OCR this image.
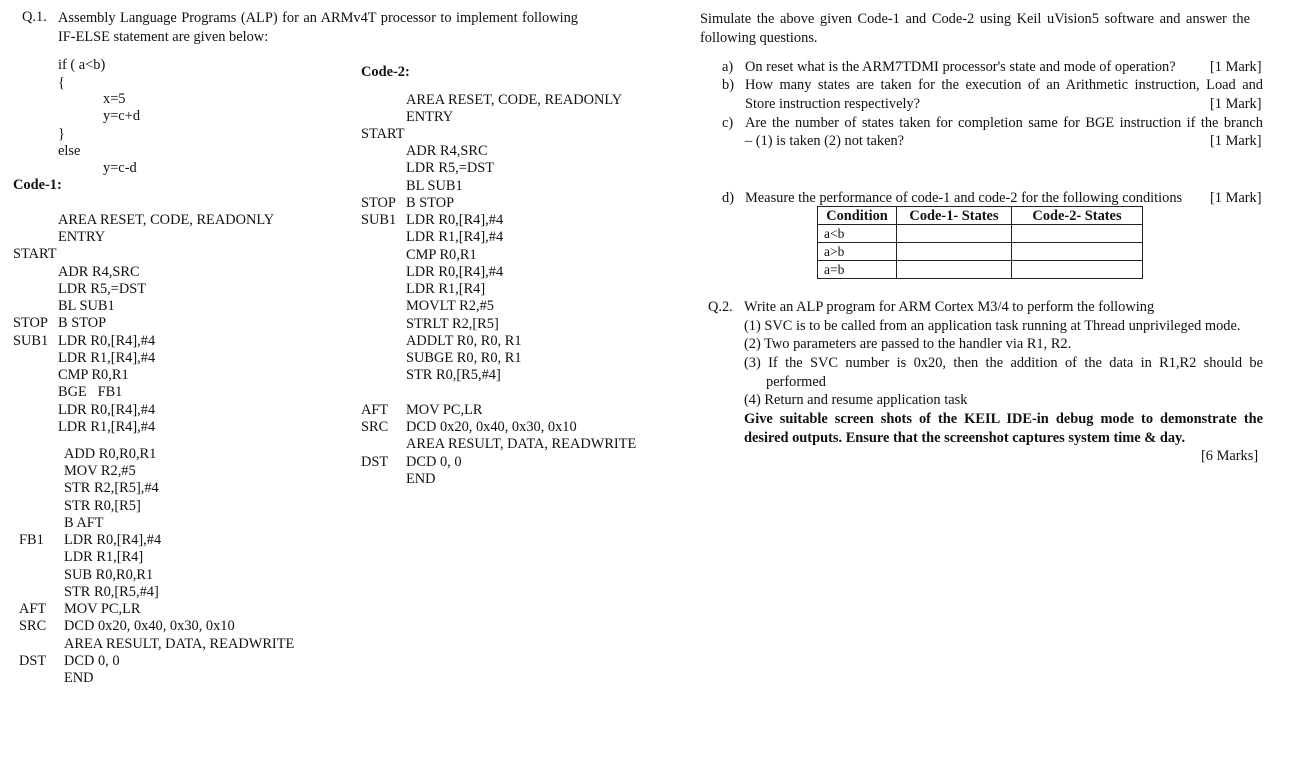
Q.1. Assembly Language Programs (ALP) for an ARMv4T processor to implement following IF-ELSE statement are given below:
if ( a<b)
{
x=5
y=c+d
}
else
y=c-d
Code-1:
AREA RESET, CODE, READONLY
ENTRY
START
ADR R4,SRC
LDR R5,=DST
BL SUB1
STOP B STOP
SUB1 LDR R0,[R4],#4
LDR R1,[R4],#4
CMP R0,R1
BGE   FB1
LDR R0,[R4],#4
LDR R1,[R4],#4
ADD R0,R0,R1
MOV R2,#5
STR R2,[R5],#4
STR R0,[R5]
B AFT
FB1 LDR R0,[R4],#4
LDR R1,[R4]
SUB R0,R0,R1
STR R0,[R5,#4]
AFT MOV PC,LR
SRC DCD 0x20, 0x40, 0x30, 0x10
AREA RESULT, DATA, READWRITE
DST DCD 0, 0
END
Code-2:
AREA RESET, CODE, READONLY
ENTRY
START
ADR R4,SRC
LDR R5,=DST
BL SUB1
STOP B STOP
SUB1 LDR R0,[R4],#4
LDR R1,[R4],#4
CMP R0,R1
LDR R0,[R4],#4
LDR R1,[R4]
MOVLT R2,#5
STRLT R2,[R5]
ADDLT R0, R0, R1
SUBGE R0, R0, R1
STR R0,[R5,#4]
AFT MOV PC,LR
SRC DCD 0x20, 0x40, 0x30, 0x10
AREA RESULT, DATA, READWRITE
DST DCD 0, 0
END
Simulate the above given Code-1 and Code-2 using Keil uVision5 software and answer the following questions.
a) On reset what is the ARM7TDMI processor's state and mode of operation? [1 Mark]
b) How many states are taken for the execution of an Arithmetic instruction, Load and
Store instruction respectively?	[1 Mark]
c) Are the number of states taken for completion same for BGE instruction if the branch
– (1) is taken (2) not taken?	[1 Mark]
d) Measure the performance of code-1 and code-2 for the following conditions [1 Mark]
Condition	Code-1- States	Code-2- States
a<b		
a>b		
a=b		
Q.2. Write an ALP program for ARM Cortex M3/4 to perform the following
(1) SVC is to be called from an application task running at Thread unprivileged mode.
(2) Two parameters are passed to the handler via R1, R2.
(3) If the SVC number is 0x20, then the addition of the data in R1,R2 should be
performed
(4) Return and resume application task
Give suitable screen shots of the KEIL IDE-in debug mode to demonstrate the
desired outputs. Ensure that the screenshot captures system time & day.
[6 Marks]
